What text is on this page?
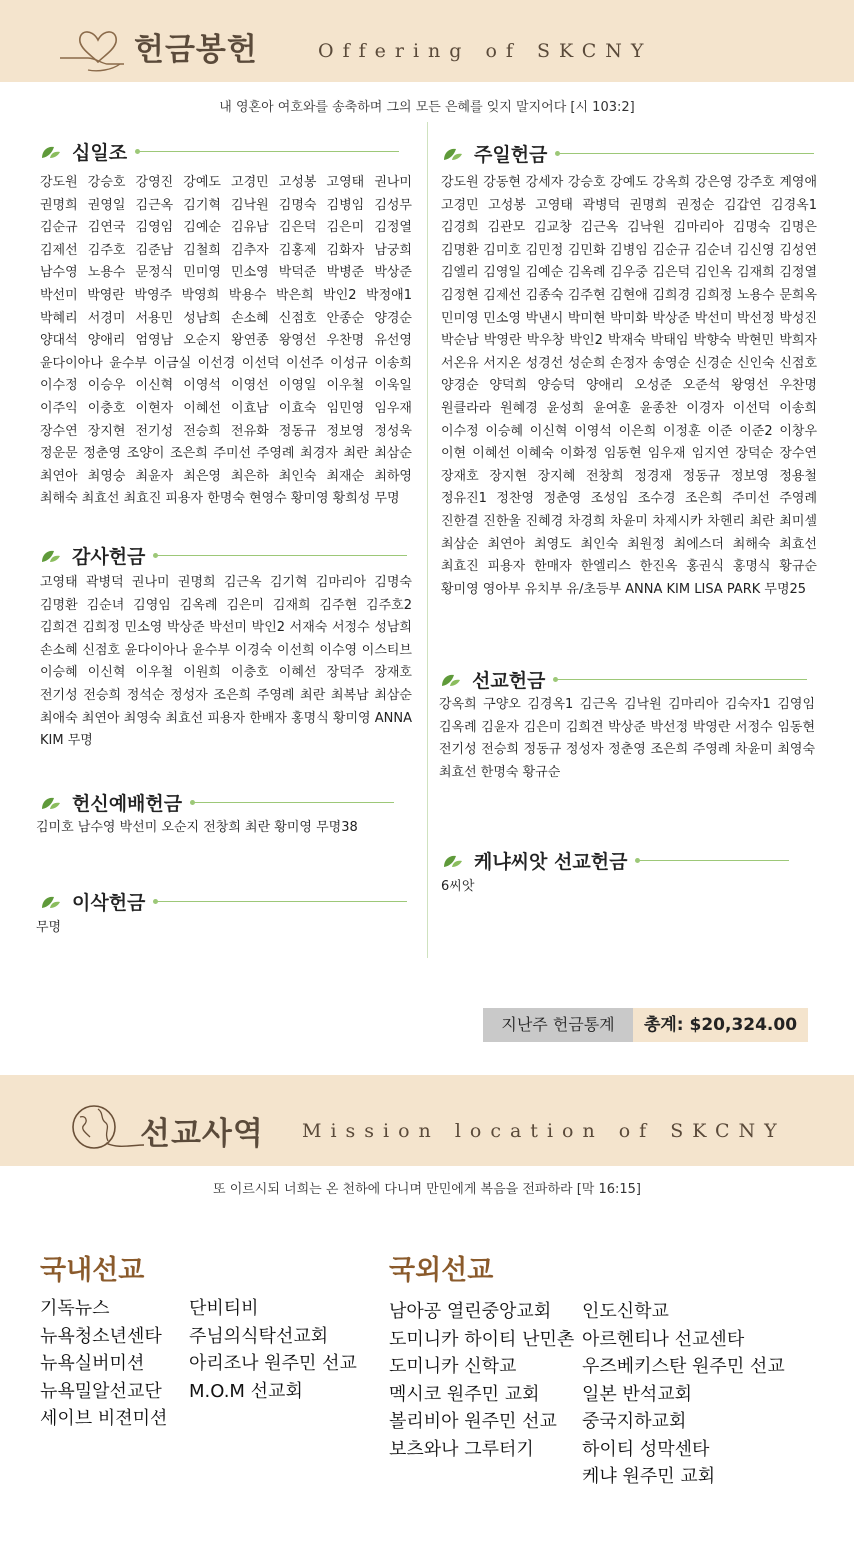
헌금봉헌	Offering of SKCNY
내 영혼아 여호와를 송축하며 그의 모든 은혜를 잊지 말지어다 [시 103:2]
십일조
강도원 강승호 강영진 강예도 고경민 고성봉 고영태 권나미 권명희 권영일 김근옥 김기혁 김낙원 김명숙 김병임 김성무 김순규 김연국 김영임 김예순 김유남 김은덕 김은미 김정열 김제선 김주호 김준남 김철희 김추자 김홍제 김화자 남궁희 남수영 노용수 문정식 민미영 민소영 박덕준 박병준 박상준 박선미 박영란 박영주 박영희 박용수 박은희 박인2 박정애1 박혜리 서경미 서용민 성남희 손소혜 신점호 안종순 양경순 양대석 양애리 엄영남 오순지 왕연종 왕영선 우찬명 유선영 윤다이아나 윤수부 이금실 이선경 이선덕 이선주 이성규 이송희 이수정 이승우 이신혁 이영석 이영선 이영일 이우철 이욱일 이주익 이충호 이현자 이혜선 이효남 이효숙 임민영 임우재 장수연 장지현 전기성 전승희 전유화 정동규 정보영 정성욱 정운문 정춘영 조양이 조은희 주미선 주영례 최경자 최란 최삼순 최연아 최영숭 최윤자 최은영 최은하 최인숙 최재순 최하영 최해숙 최효선 최효진 피용자 한명숙 현영수 황미영 황희성 무명
감사헌금
고영태 곽병덕 권나미 권명희 김근옥 김기혁 김마리아 김명숙 김명환 김순녀 김영임 김옥례 김은미 김재희 김주현 김주호2 김희견 김희정 민소영 박상준 박선미 박인2 서재숙 서정수 성남희 손소혜 신점호 윤다이아나 윤수부 이경숙 이선희 이수영 이스티브 이승혜 이신혁 이우철 이원희 이충호 이혜선 장덕주 장재호 전기성 전승희 정석순 정성자 조은희 주영례 최란 최복남 최삼순 최애숙 최연아 최영숙 최효선 피용자 한배자 홍명식 황미영 ANNA KIM 무명
헌신예배헌금
김미호 남수영 박선미 오순지 전창희 최란 황미영 무명38
이삭헌금
무명
주일헌금
강도원 강동현 강세자 강승호 강예도 강옥희 강은영 강주호 계영애 고경민 고성봉 고영태 곽병덕 권명희 권정순 김갑연 김경옥1 김경희 김관모 김교창 김근옥 김낙원 김마리아 김명숙 김명은 김명환 김미호 김민정 김민화 김병임 김순규 김순녀 김신영 김성연 김엘리 김영일 김예순 김옥례 김우중 김은덕 김인옥 김재희 김정열 김정현 김제선 김종숙 김주현 김현애 김희경 김희정 노용수 문희옥 민미영 민소영 박낸시 박미현 박미화 박상준 박선미 박선정 박성진 박순남 박영란 박우창 박인2 박재숙 박태임 박향숙 박현민 박희자 서온유 서지온 성경선 성순희 손정자 송영순 신경순 신인숙 신점호 양경순 양덕희 양승덕 양애리 오성준 오준석 왕영선 우찬명 원클라라 원혜경 윤성희 윤여훈 윤종찬 이경자 이선덕 이송희 이수정 이승혜 이신혁 이영석 이은희 이정훈 이준 이준2 이창우 이현 이혜선 이혜숙 이화정 임동현 임우재 임지연 장덕순 장수연 장재호 장지현 장지혜 전창희 정경재 정동규 정보영 정용철 정유진1 정찬영 정춘영 조성임 조수경 조은희 주미선 주영례 진한결 진한울 진혜경 차경희 차윤미 차제시카 차헨리 최란 최미셀 최삼순 최연아 최영도 최인숙 최원정 최에스더 최해숙 최효선 최효진 피용자 한매자 한엘리스 한진옥 홍권식 홍명식 황규순 황미영 영아부 유치부 유/초등부 ANNA KIM LISA PARK 무명25
선교헌금
강옥희 구양오 김경옥1 김근옥 김낙원 김마리아 김숙자1 김영임 김옥례 김윤자 김은미 김희견 박상준 박선정 박영란 서정수 임동현 전기성 전승희 정동규 정성자 정춘영 조은희 주영례 차윤미 최영숙 최효선 한명숙 황규순
케냐씨앗 선교헌금
6씨앗
지난주 헌금통계	총계: $20,324.00
선교사역 Mission location of SKCNY
또 이르시되 너희는 온 천하에 다니며 만민에게 복음을 전파하라 [막 16:15]
국내선교
기독뉴스
뉴욕청소년센타
뉴욕실버미션
뉴욕밀알선교단
세이브 비젼미션
단비티비
주님의식탁선교회
아리조나 원주민 선교
M.O.M 선교회
국외선교
남아공 열린중앙교회
도미니카 하이티 난민촌
도미니카 신학교
멕시코 원주민 교회
볼리비아 원주민 선교
보츠와나 그루터기
인도신학교
아르헨티나 선교센타
우즈베키스탄 원주민 선교
일본 반석교회
중국지하교회
하이티 성막센타
케냐 원주민 교회
